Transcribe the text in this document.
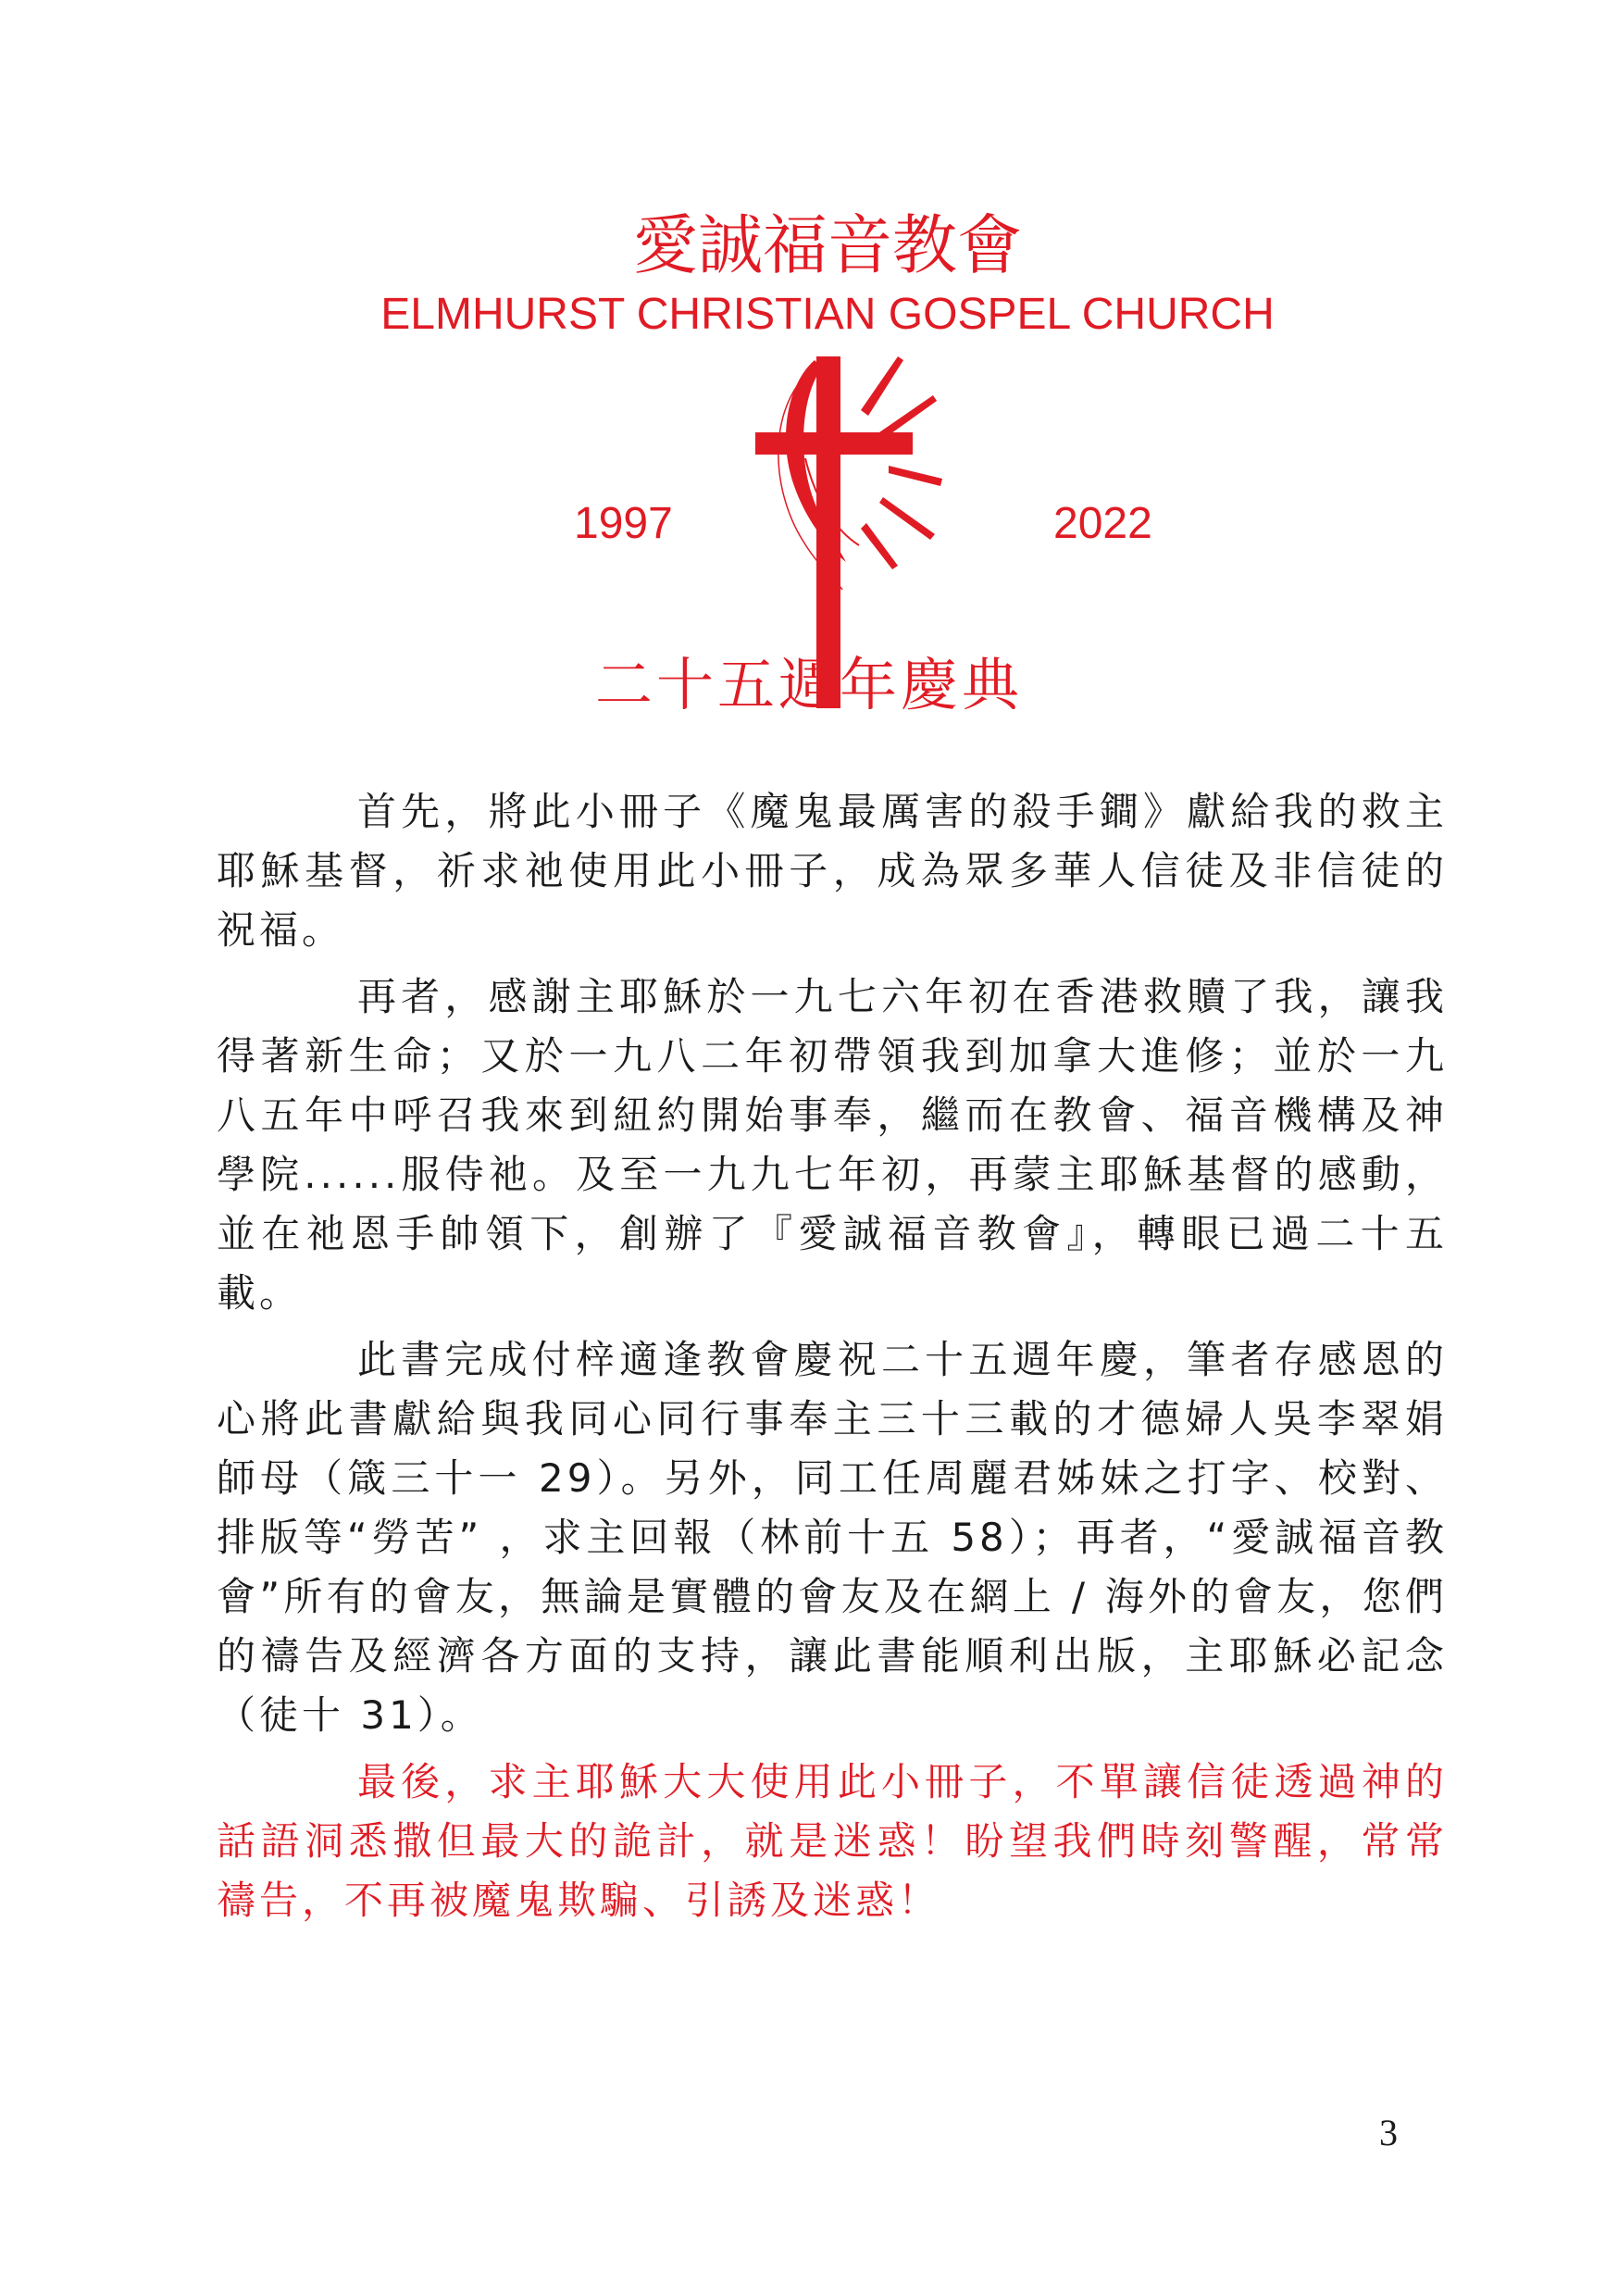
愛誠福音教會

ELMHURST CHRISTIAN GOSPEL CHURCH

1997	2022
二十五週年慶典

首先，將此小冊子《魔鬼最厲害的殺手鐧》獻給我的救主耶穌基督，祈求祂使用此小冊子，成為眾多華人信徒及非信徒的祝福。

再者，感謝主耶穌於一九七六年初在香港救贖了我，讓我得著新生命；又於一九八二年初帶領我到加拿大進修；並於一九八五年中呼召我來到紐約開始事奉，繼而在教會、福音機構及神學院......服侍祂。及至一九九七年初，再蒙主耶穌基督的感動，並在祂恩手帥領下，創辦了『愛誠福音教會』，轉眼已過二十五載。

此書完成付梓適逢教會慶祝二十五週年慶，筆者存感恩的心將此書獻給與我同心同行事奉主三十三載的才德婦人吳李翠娟師母（箴三十一 29）。另外，同工任周麗君姊妹之打字、校對、排版等“勞苦” ，求主回報（林前十五 58）；再者，“愛誠福音教會”所有的會友，無論是實體的會友及在網上 / 海外的會友，您們的禱告及經濟各方面的支持，讓此書能順利出版，主耶穌必記念（徒十 31）。

最後，求主耶穌大大使用此小冊子，不單讓信徒透過神的話語洞悉撒但最大的詭計，就是迷惑！盼望我們時刻警醒，常常禱告，不再被魔鬼欺騙、引誘及迷惑！

3
